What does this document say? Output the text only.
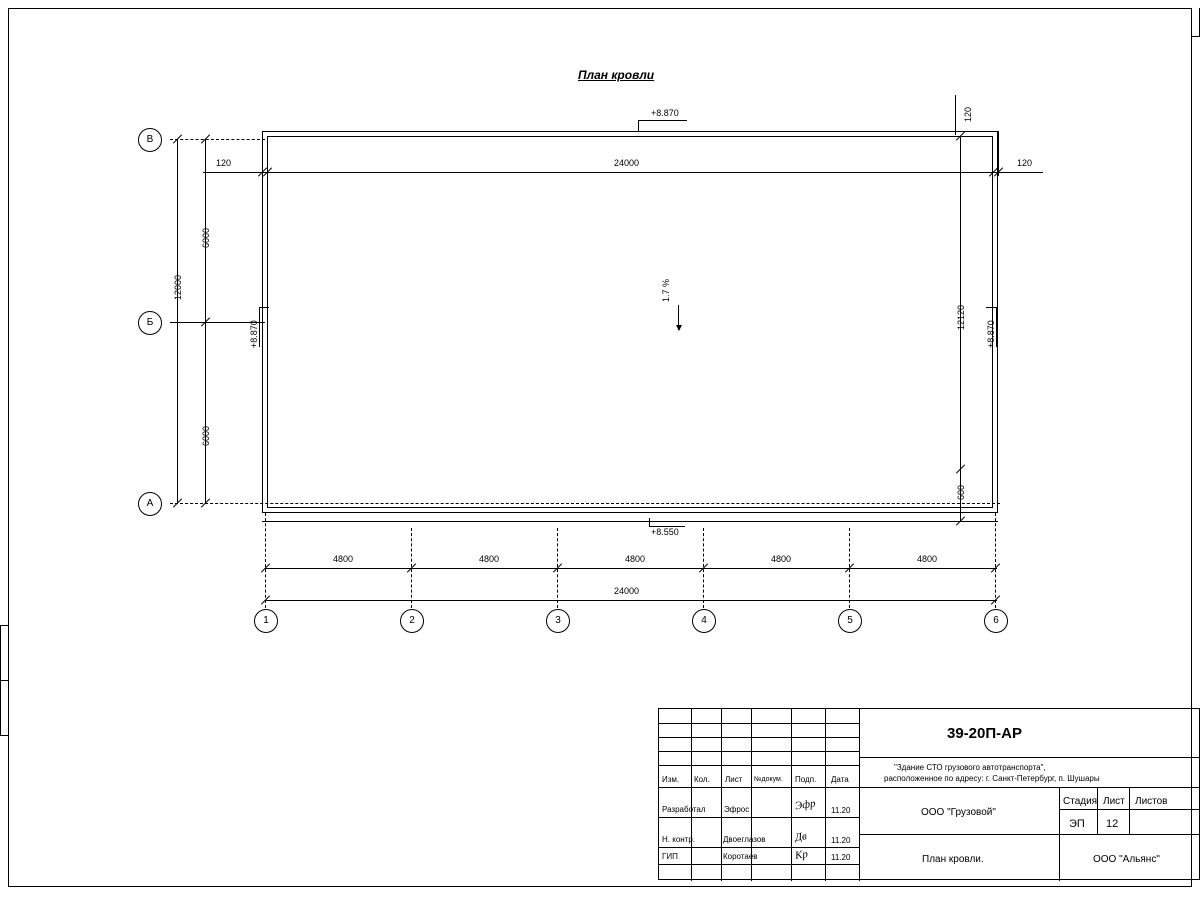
План кровли
1.7 %
+8.870
+8.870	+8.870
+8.550
120	24000	120
120
12000
6000
6000
12120
600
4800	4800	4800	4800	4800
24000
В
Б
А
1	2	3	4	5	6
Изм. Кол. Лист №докум. Подп. Дата
Разработал Эфрос	Эфр 11.20
Н. контр.	Двоеглазов	Дв	11.20
ГИП	Коротаев	Кр	11.20
39-20П-АР
"Здание СТО грузового автотранспорта",
расположенное по адресу: г. Санкт-Петербург, п. Шушары
ООО "Грузовой"
Стадия Лист Листов
ЭП 12
План кровли.	ООО "Альянс"
